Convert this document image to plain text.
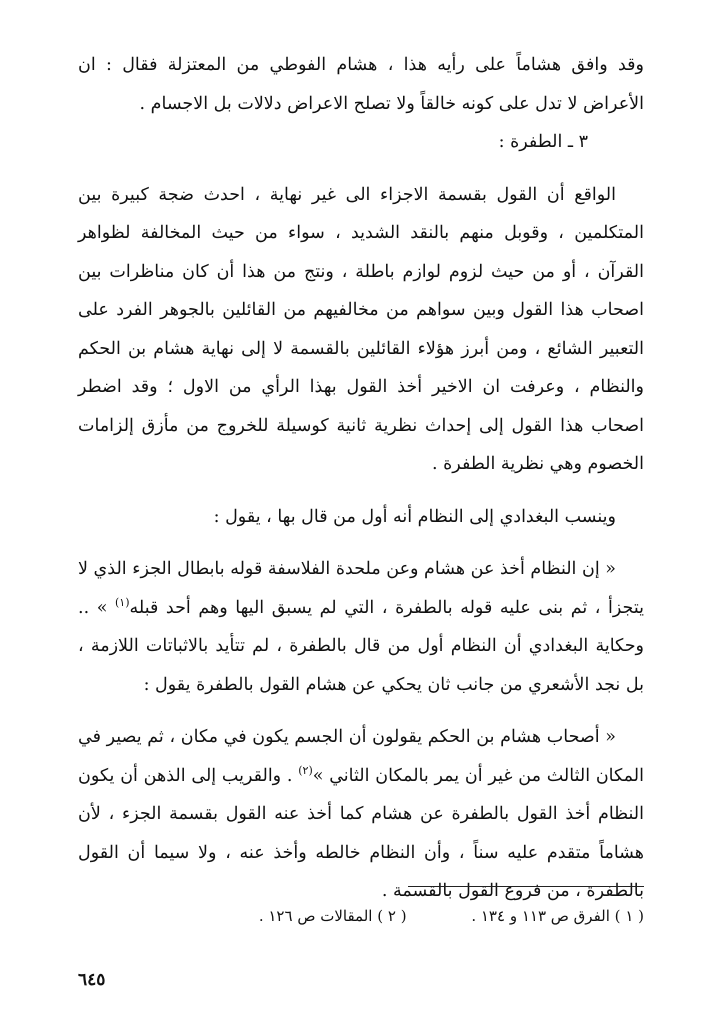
وقد وافق هشاماً على رأيه هذا ، هشام الفوطي من المعتزلة فقال : ان الأعراض لا تدل على كونه خالقاً ولا تصلح الاعراض دلالات بل الاجسام .

٣ ـ الطفرة :

الواقع أن القول بقسمة الاجزاء الى غير نهاية ، احدث ضجة كبيرة بين المتكلمين ، وقوبل منهم بالنقد الشديد ، سواء من حيث المخالفة لظواهر القرآن ، أو من حيث لزوم لوازم باطلة ، ونتج من هذا أن كان مناظرات بين اصحاب هذا القول وبين سواهم من مخالفيهم من القائلين بالجوهر الفرد على التعبير الشائع ، ومن أبرز هؤلاء القائلين بالقسمة لا إلى نهاية هشام بن الحكم والنظام ، وعرفت ان الاخير أخذ القول بهذا الرأي من الاول ؛ وقد اضطر اصحاب هذا القول إلى إحداث نظرية ثانية كوسيلة للخروج من مأزق إلزامات الخصوم وهي نظرية الطفرة .

وينسب البغدادي إلى النظام أنه أول من قال بها ، يقول :

« إن النظام أخذ عن هشام وعن ملحدة الفلاسفة قوله بابطال الجزء الذي لا يتجزأ ، ثم بنى عليه قوله بالطفرة ، التي لم يسبق اليها وهم أحد قبله$^{(١)}$ » .. وحكاية البغدادي أن النظام أول من قال بالطفرة ، لم تتأيد بالاثباتات اللازمة ، بل نجد الأشعري من جانب ثان يحكي عن هشام القول بالطفرة يقول :

« أصحاب هشام بن الحكم يقولون أن الجسم يكون في مكان ، ثم يصير في المكان الثالث من غير أن يمر بالمكان الثاني »$^{(٢)}$ . والقريب إلى الذهن أن يكون النظام أخذ القول بالطفرة عن هشام كما أخذ عنه القول بقسمة الجزء ، لأن هشاماً متقدم عليه سناً ، وأن النظام خالطه وأخذ عنه ، ولا سيما أن القول بالطفرة ، من فروع القول بالقسمة .

( ١ ) الفرق ص ١١٣ و ١٣٤ . ( ٢ ) المقالات ص ١٢٦ .
٦٤٥
